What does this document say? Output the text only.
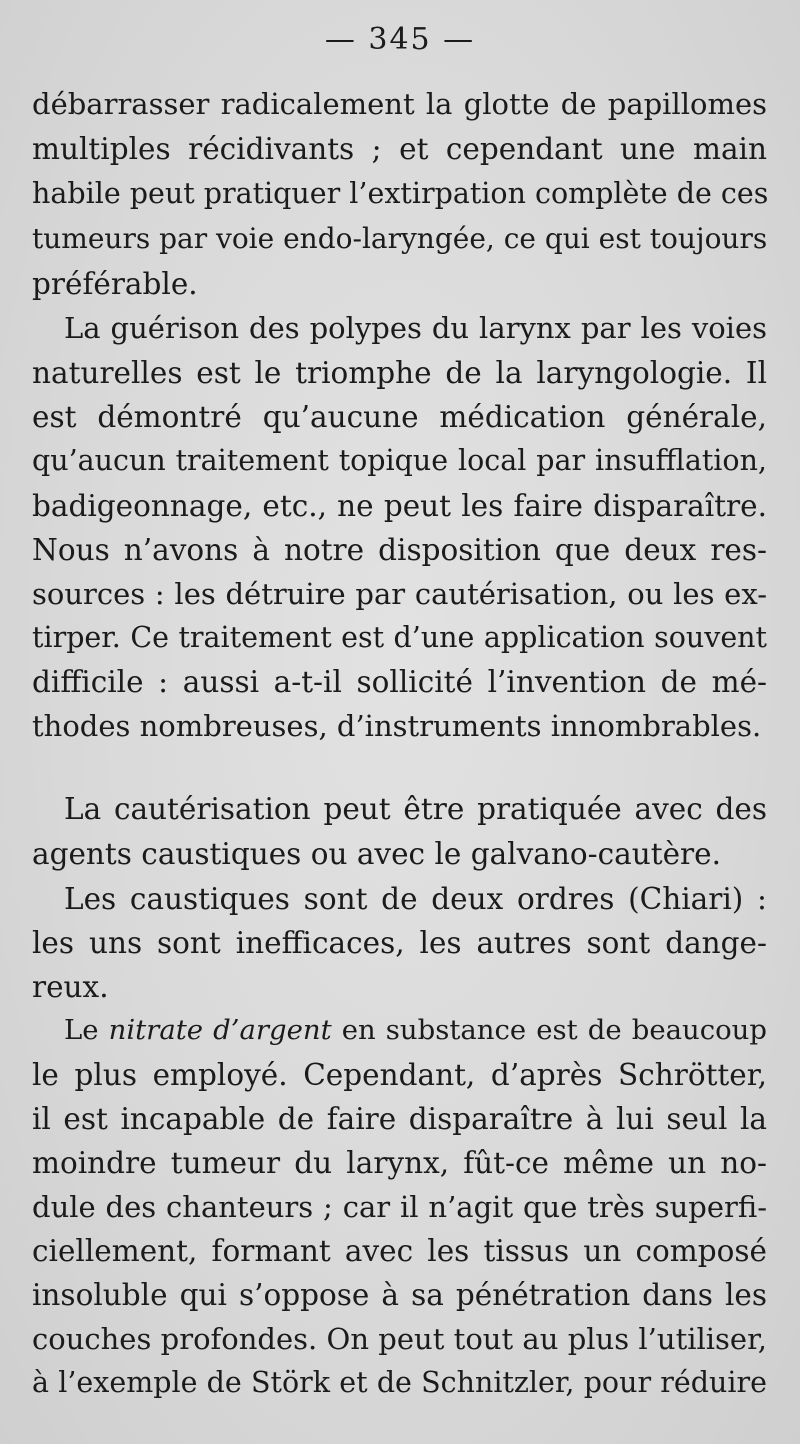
— 345 —
débarrasser radicalement la glotte de papillomes
multiples récidivants ; et cependant une main
habile peut pratiquer l’extirpation complète de ces
tumeurs par voie endo-laryngée, ce qui est toujours
préférable.
La guérison des polypes du larynx par les voies
naturelles est le triomphe de la laryngologie. Il
est démontré qu’aucune médication générale,
qu’aucun traitement topique local par insufflation,
badigeonnage, etc., ne peut les faire disparaître.
Nous n’avons à notre disposition que deux res-
sources : les détruire par cautérisation, ou les ex-
tirper. Ce traitement est d’une application souvent
difficile : aussi a-t-il sollicité l’invention de mé-
thodes nombreuses, d’instruments innombrables.
La cautérisation peut être pratiquée avec des
agents caustiques ou avec le galvano-cautère.
Les caustiques sont de deux ordres (Chiari) :
les uns sont inefficaces, les autres sont dange-
reux.
Le nitrate d’argent en substance est de beaucoup
le plus employé. Cependant, d’après Schrötter,
il est incapable de faire disparaître à lui seul la
moindre tumeur du larynx, fût-ce même un no-
dule des chanteurs ; car il n’agit que très superfi-
ciellement, formant avec les tissus un composé
insoluble qui s’oppose à sa pénétration dans les
couches profondes. On peut tout au plus l’utiliser,
à l’exemple de Störk et de Schnitzler, pour réduire
